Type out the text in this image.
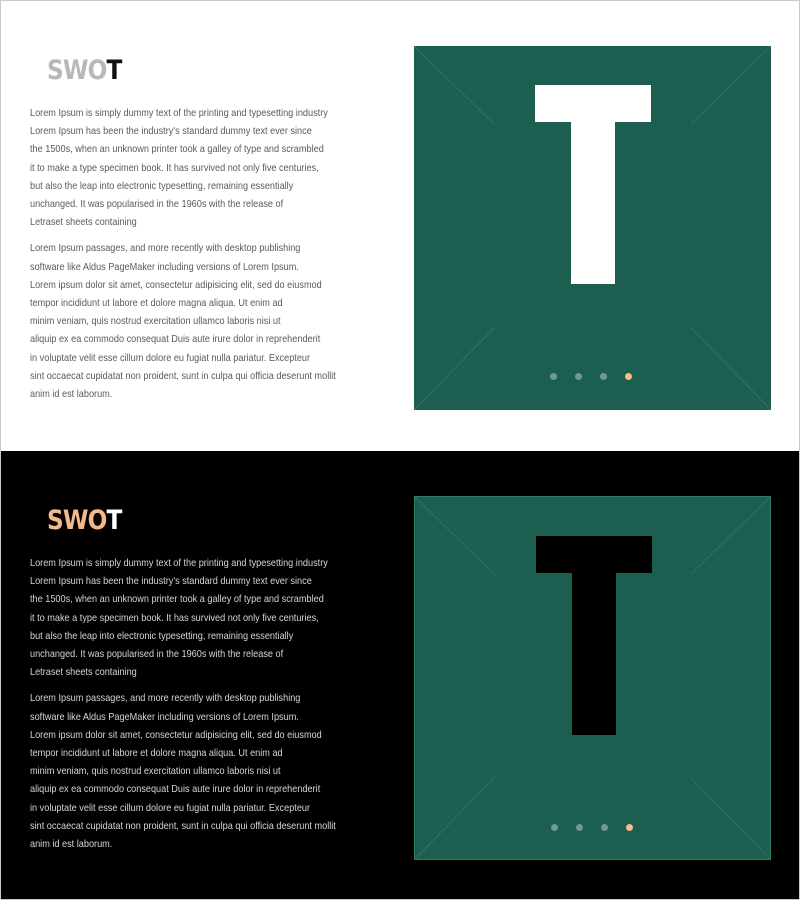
SWOT

Lorem Ipsum is simply dummy text of the printing and typesetting industry
Lorem Ipsum has been the industry's standard dummy text ever since
the 1500s, when an unknown printer took a galley of type and scrambled
it to make a type specimen book. It has survived not only five centuries,
but also the leap into electronic typesetting, remaining essentially
unchanged. It was popularised in the 1960s with the release of
Letraset sheets containing

Lorem Ipsum passages, and more recently with desktop publishing
software like Aldus PageMaker including versions of Lorem Ipsum.
Lorem ipsum dolor sit amet, consectetur adipisicing elit, sed do eiusmod
tempor incididunt ut labore et dolore magna aliqua. Ut enim ad
minim veniam, quis nostrud exercitation ullamco laboris nisi ut
aliquip ex ea commodo consequat Duis aute irure dolor in reprehenderit
in voluptate velit esse cillum dolore eu fugiat nulla pariatur. Excepteur
sint occaecat cupidatat non proident, sunt in culpa qui officia deserunt mollit
anim id est laborum.

SWOT

Lorem Ipsum is simply dummy text of the printing and typesetting industry
Lorem Ipsum has been the industry's standard dummy text ever since
the 1500s, when an unknown printer took a galley of type and scrambled
it to make a type specimen book. It has survived not only five centuries,
but also the leap into electronic typesetting, remaining essentially
unchanged. It was popularised in the 1960s with the release of
Letraset sheets containing

Lorem Ipsum passages, and more recently with desktop publishing
software like Aldus PageMaker including versions of Lorem Ipsum.
Lorem ipsum dolor sit amet, consectetur adipisicing elit, sed do eiusmod
tempor incididunt ut labore et dolore magna aliqua. Ut enim ad
minim veniam, quis nostrud exercitation ullamco laboris nisi ut
aliquip ex ea commodo consequat Duis aute irure dolor in reprehenderit
in voluptate velit esse cillum dolore eu fugiat nulla pariatur. Excepteur
sint occaecat cupidatat non proident, sunt in culpa qui officia deserunt mollit
anim id est laborum.
